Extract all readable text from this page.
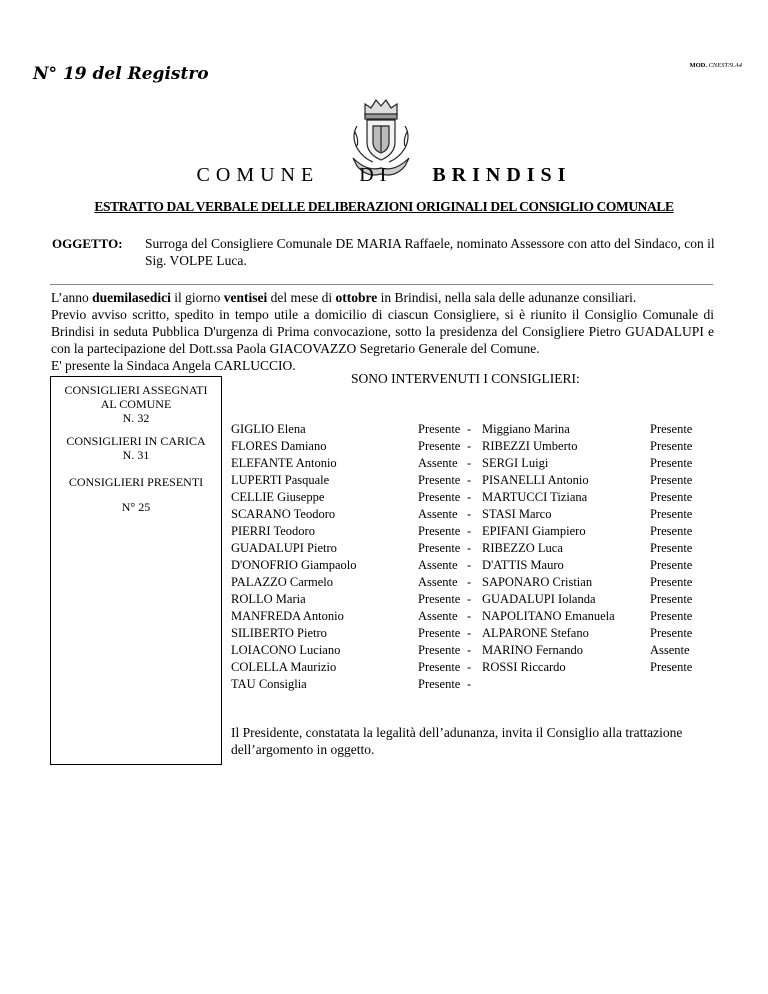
N° 19 del Registro	MOD. CNEST/9.A4
COMUNE DI BRINDISI
ESTRATTO DAL VERBALE DELLE DELIBERAZIONI ORIGINALI DEL CONSIGLIO COMUNALE
OGGETTO: Surroga del Consigliere Comunale DE MARIA Raffaele, nominato Assessore con atto del Sindaco, con il Sig. VOLPE Luca.

L’anno duemilasedici il giorno ventisei del mese di ottobre in Brindisi, nella sala delle adunanze consiliari.

Previo avviso scritto, spedito in tempo utile a domicilio di ciascun Consigliere, si è riunito il Consiglio Comunale di Brindisi in seduta Pubblica D'urgenza di Prima convocazione, sotto la presidenza del Consigliere Pietro GUADALUPI e con la partecipazione del Dott.ssa Paola GIACOVAZZO Segretario Generale del Comune.

E' presente la Sindaca Angela CARLUCCIO.

CONSIGLIERI ASSEGNATI
AL COMUNE
N. 32
CONSIGLIERI IN CARICA
N. 31
CONSIGLIERI PRESENTI
N° 25
SONO INTERVENUTI I CONSIGLIERI:
GIGLIO Elena
FLORES Damiano
ELEFANTE Antonio
LUPERTI Pasquale
CELLIE Giuseppe
SCARANO Teodoro
PIERRI Teodoro
GUADALUPI Pietro
D'ONOFRIO Giampaolo
PALAZZO Carmelo
ROLLO Maria
MANFREDA Antonio
SILIBERTO Pietro
LOIACONO Luciano
COLELLA Maurizio
TAU Consiglia
Presente
Presente
Assente
Presente
Presente
Assente
Presente
Presente
Assente
Assente
Presente
Assente
Presente
Presente
Presente
Presente
-
-
-
-
-
-
-
-
-
-
-
-
-
-
-
-
Miggiano Marina
RIBEZZI Umberto
SERGI Luigi
PISANELLI Antonio
MARTUCCI Tiziana
STASI Marco
EPIFANI Giampiero
RIBEZZO Luca
D'ATTIS Mauro
SAPONARO Cristian
GUADALUPI Iolanda
NAPOLITANO Emanuela
ALPARONE Stefano
MARINO Fernando
ROSSI Riccardo
Presente
Presente
Presente
Presente
Presente
Presente
Presente
Presente
Presente
Presente
Presente
Presente
Presente
Assente
Presente
Il Presidente, constatata la legalità dell’adunanza, invita il Consiglio alla trattazione dell’argomento in oggetto.
